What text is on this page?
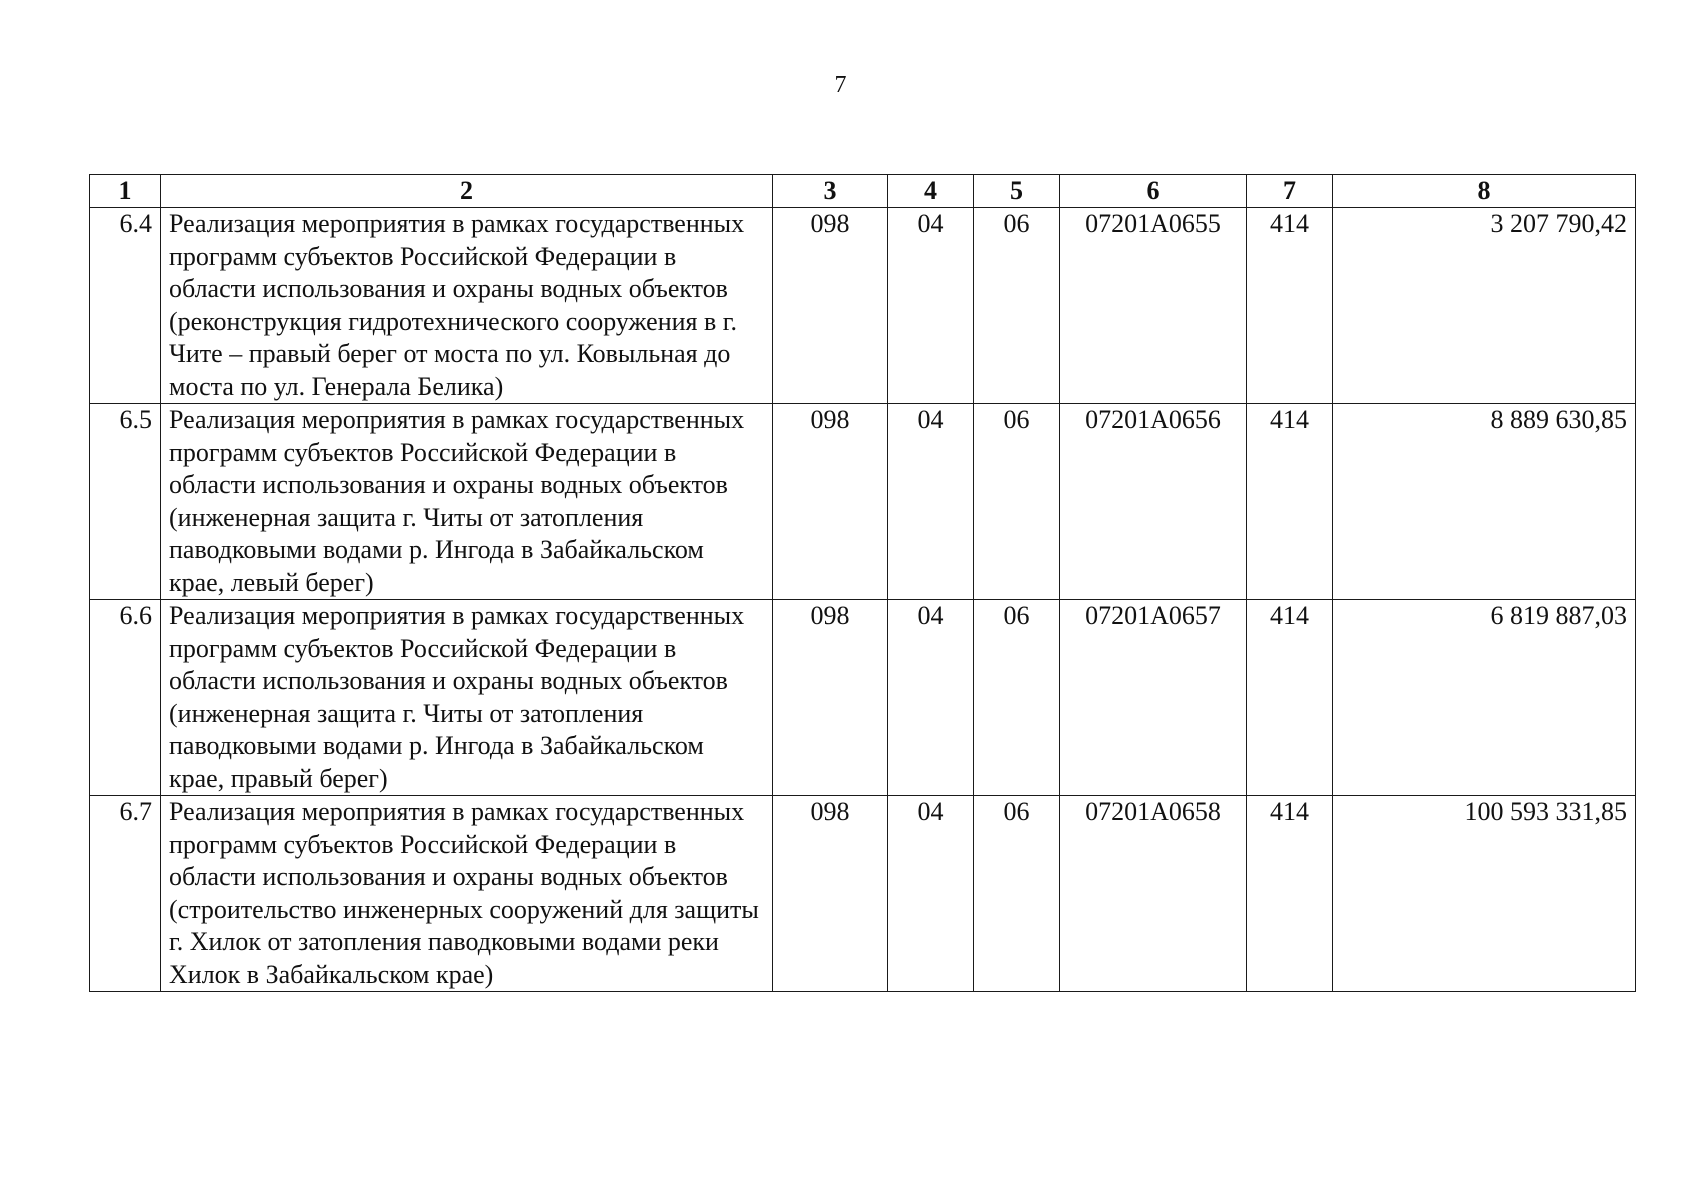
7
1	2	3	4	5	6	7	8
6.4	Реализация мероприятия в рамках государственных программ субъектов Российской Федерации в области использования и охраны водных объектов (реконструкция гидротехнического сооружения в г. Чите – правый берег от моста по ул. Ковыльная до моста по ул. Генерала Белика)	098	04	06	07201A0655	414	3 207 790,42
6.5	Реализация мероприятия в рамках государственных программ субъектов Российской Федерации в области использования и охраны водных объектов (инженерная защита г. Читы от затопления паводковыми водами р. Ингода в Забайкальском крае, левый берег)	098	04	06	07201A0656	414	8 889 630,85
6.6	Реализация мероприятия в рамках государственных программ субъектов Российской Федерации в области использования и охраны водных объектов (инженерная защита г. Читы от затопления паводковыми водами р. Ингода в Забайкальском крае, правый берег)	098	04	06	07201A0657	414	6 819 887,03
6.7	Реализация мероприятия в рамках государственных программ субъектов Российской Федерации в области использования и охраны водных объектов (строительство инженерных сооружений для защиты г. Хилок от затопления паводковыми водами реки Хилок в Забайкальском крае)	098	04	06	07201A0658	414	100 593 331,85
